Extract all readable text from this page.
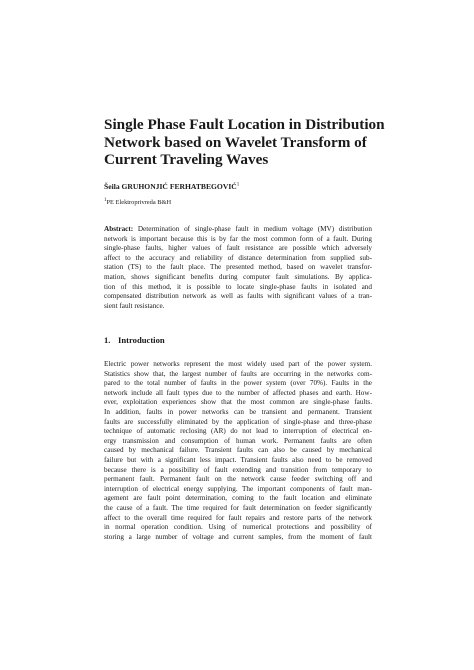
Single Phase Fault Location in Distribution
Network based on Wavelet Transform of
Current Traveling Waves
Šeila GRUHONJIĆ FERHATBEGOVIĆ$^1$
$^1$PE Elektroprivreda B&H
Abstract: Determination of single-phase fault in medium voltage (MV) distribution
network is important because this is by far the most common form of a fault. During
single-phase faults, higher values of fault resistance are possible which adversely
affect to the accuracy and reliability of distance determination from supplied sub-
station (TS) to the fault place. The presented method, based on wavelet transfor-
mation, shows significant benefits during computer fault simulations. By applica-
tion of this method, it is possible to locate single-phase faults in isolated and
compensated distribution network as well as faults with significant values of a tran-
sient fault resistance.
1. Introduction
Electric power networks represent the most widely used part of the power system.
Statistics show that, the largest number of faults are occurring in the networks com-
pared to the total number of faults in the power system (over 70%). Faults in the
network include all fault types due to the number of affected phases and earth. How-
ever, exploitation experiences show that the most common are single-phase faults.
In addition, faults in power networks can be transient and permanent. Transient
faults are successfully eliminated by the application of single-phase and three-phase
technique of automatic reclosing (AR) do not lead to interruption of electrical en-
ergy transmission and consumption of human work. Permanent faults are often
caused by mechanical failure. Transient faults can also be caused by mechanical
failure but with a significant less impact. Transient faults also need to be removed
because there is a possibility of fault extending and transition from temporary to
permanent fault. Permanent fault on the network cause feeder switching off and
interruption of electrical energy supplying. The important components of fault man-
agement are fault point determination, coming to the fault location and eliminate
the cause of a fault. The time required for fault determination on feeder significantly
affect to the overall time required for fault repairs and restore parts of the network
in normal operation condition. Using of numerical protections and possibility of
storing a large number of voltage and current samples, from the moment of fault
